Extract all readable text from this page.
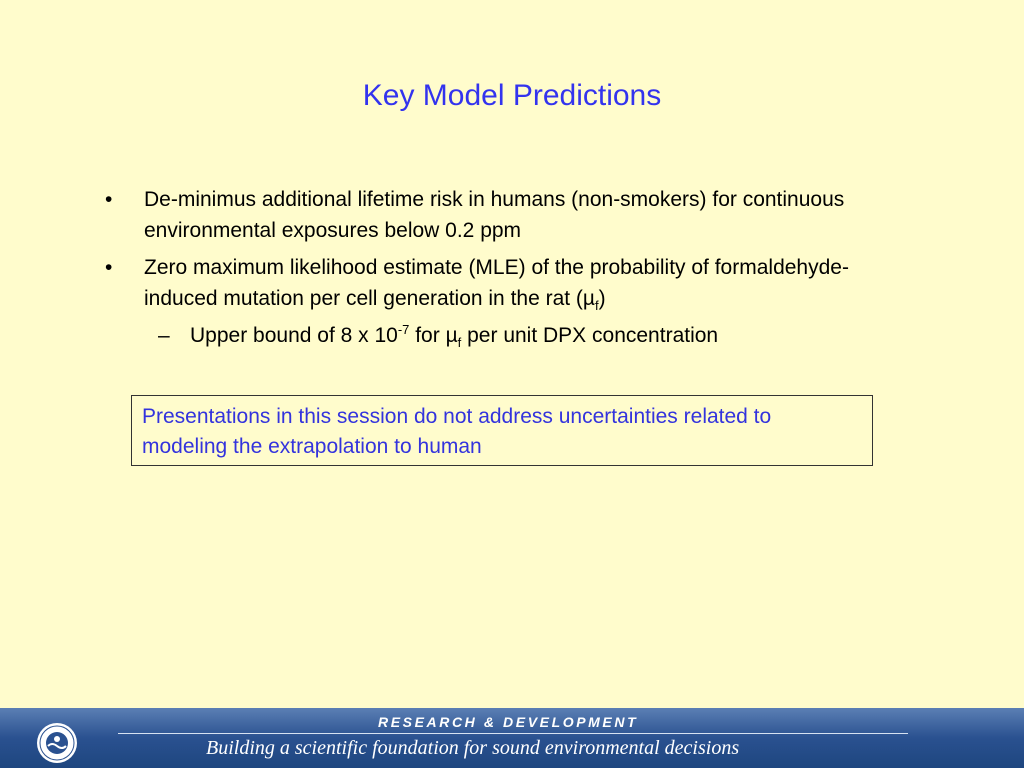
Key Model Predictions
• De-minimus additional lifetime risk in humans (non-smokers) for continuous environmental exposures below 0.2 ppm
• Zero maximum likelihood estimate (MLE) of the probability of formaldehyde-induced mutation per cell generation in the rat (µ$_f$)
– Upper bound of 8 x $10^{-7}$ for µ$_f$ per unit DPX concentration
Presentations in this session do not address uncertainties related to modeling the extrapolation to human
RESEARCH & DEVELOPMENT
Building a scientific foundation for sound environmental decisions
